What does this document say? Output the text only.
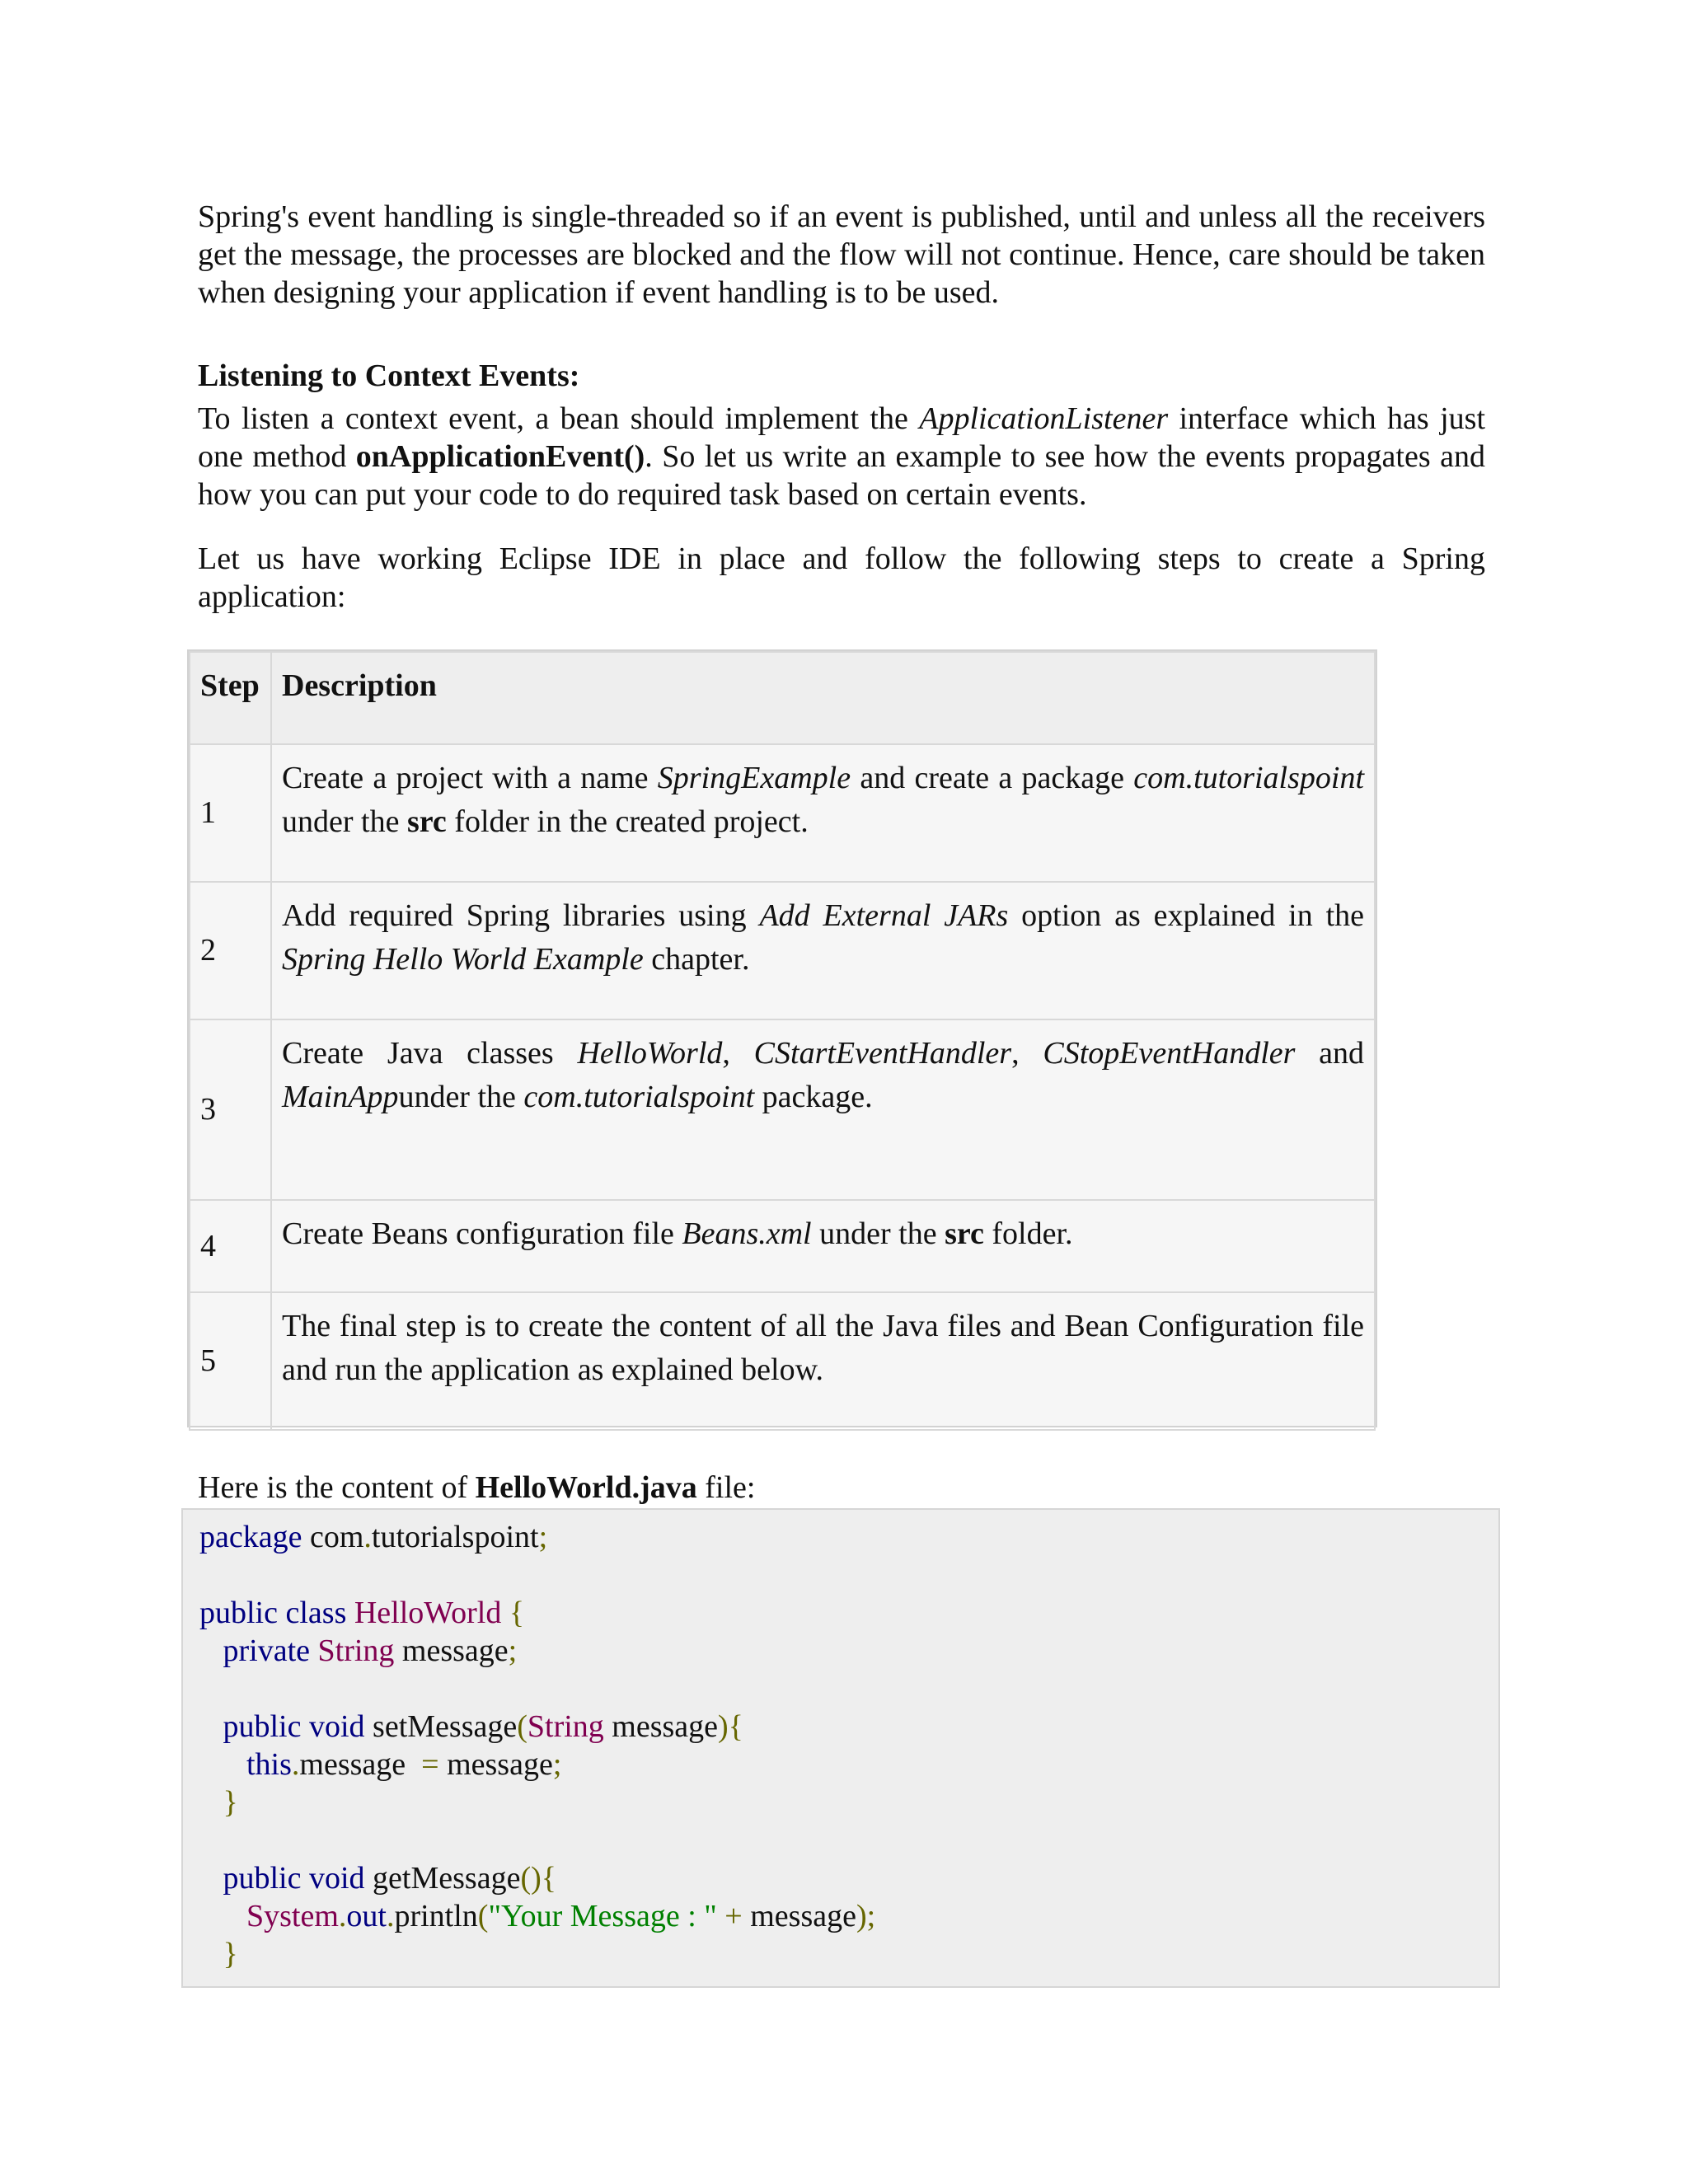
Spring's event handling is single-threaded so if an event is published, until and unless all the receivers get the message, the processes are blocked and the flow will not continue. Hence, care should be taken when designing your application if event handling is to be used.

Listening to Context Events:

To listen a context event, a bean should implement the ApplicationListener interface which has just one method onApplicationEvent(). So let us write an example to see how the events propagates and how you can put your code to do required task based on certain events.

Let us have working Eclipse IDE in place and follow the following steps to create a Spring application:

Step	Description
1	Create a project with a name SpringExample and create a package com.tutorialspoint under the src folder in the created project.
2	Add required Spring libraries using Add External JARs option as explained in the Spring Hello World Example chapter.
3	Create Java classes HelloWorld, CStartEventHandler, CStopEventHandler and MainAppunder the com.tutorialspoint package.
4	Create Beans configuration file Beans.xml under the src folder.
5	The final step is to create the content of all the Java files and Bean Configuration file and run the application as explained below.

Here is the content of HelloWorld.java file:

package com.tutorialspoint;

public class HelloWorld {
private String message;

public void setMessage(String message){
this.message  = message;
}

public void getMessage(){
System.out.println("Your Message : " + message);
}
